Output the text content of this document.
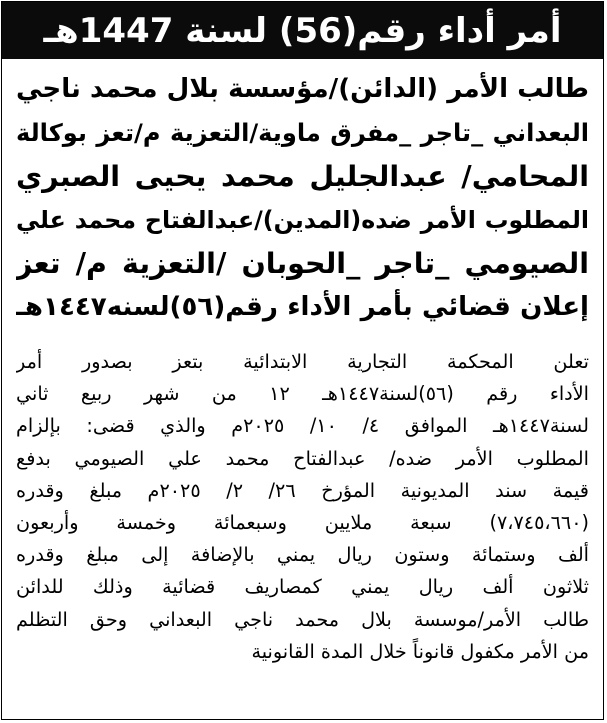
أمر أداء رقم(56) لسنة 1447هـ
طالب الأمر (الدائن)/مؤسسة بلال محمد ناجي
البعداني _تاجر _مفرق ماوية/التعزية م/تعز بوكالة
المحامي/ عبدالجليل محمد يحيى الصبري
المطلوب الأمر ضده(المدين)/عبدالفتاح محمد علي
الصيومي _تاجر _الحوبان /التعزية م/ تعز
إعلان قضائي بأمر الأداء رقم(٥٦)لسنه١٤٤٧هـ
تعلن المحكمة التجارية الابتدائية بتعز بصدور أمر
الأداء رقم (٥٦)لسنة١٤٤٧هـ ١٢ من شهر ربيع ثاني
لسنة١٤٤٧هـ الموافق ٤/ ١٠/ ٢٠٢٥م والذي قضى: بإلزام
المطلوب الأمر ضده/ عبدالفتاح محمد علي الصيومي بدفع
قيمة سند المديونية المؤرخ ٢٦/ ٢/ ٢٠٢٥م مبلغ وقدره
(٧،٧٤٥،٦٦٠) سبعة ملايين وسبعمائة وخمسة وأربعون
ألف وستمائة وستون ريال يمني بالإضافة إلى مبلغ وقدره
ثلاثون ألف ريال يمني كمصاريف قضائية وذلك للدائن
طالب الأمر/موسسة بلال محمد ناجي البعداني وحق التظلم
من الأمر مكفول قانوناً خلال المدة القانونية
